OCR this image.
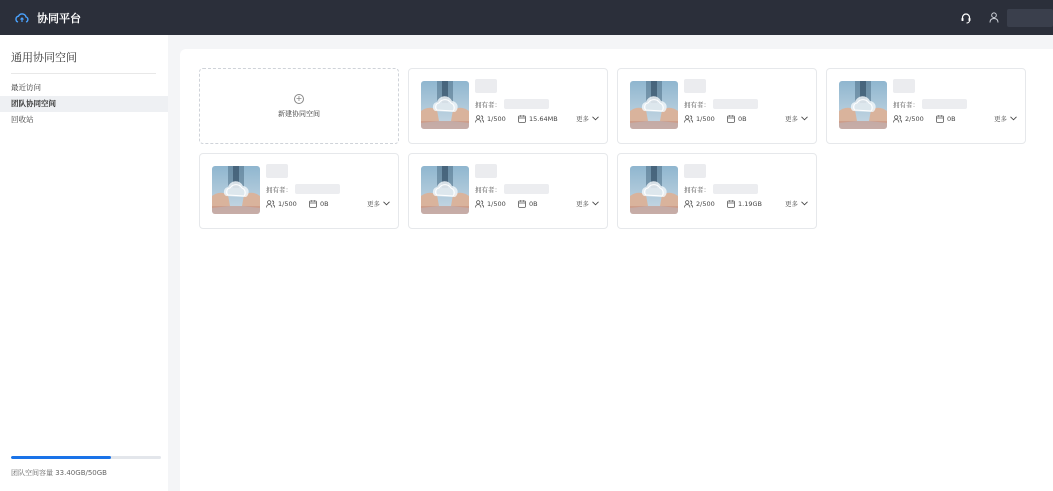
协同平台
通用协同空间
最近访问
团队协同空间
回收站
团队空间容量 33.40GB/50GB
+
新建协同空间
拥有者：
1/500	15.64MB	更多
拥有者：
1/500	0B	更多
拥有者：
2/500	0B	更多
拥有者：
1/500	0B	更多
拥有者：
1/500	0B	更多
拥有者：
2/500	1.19GB	更多
